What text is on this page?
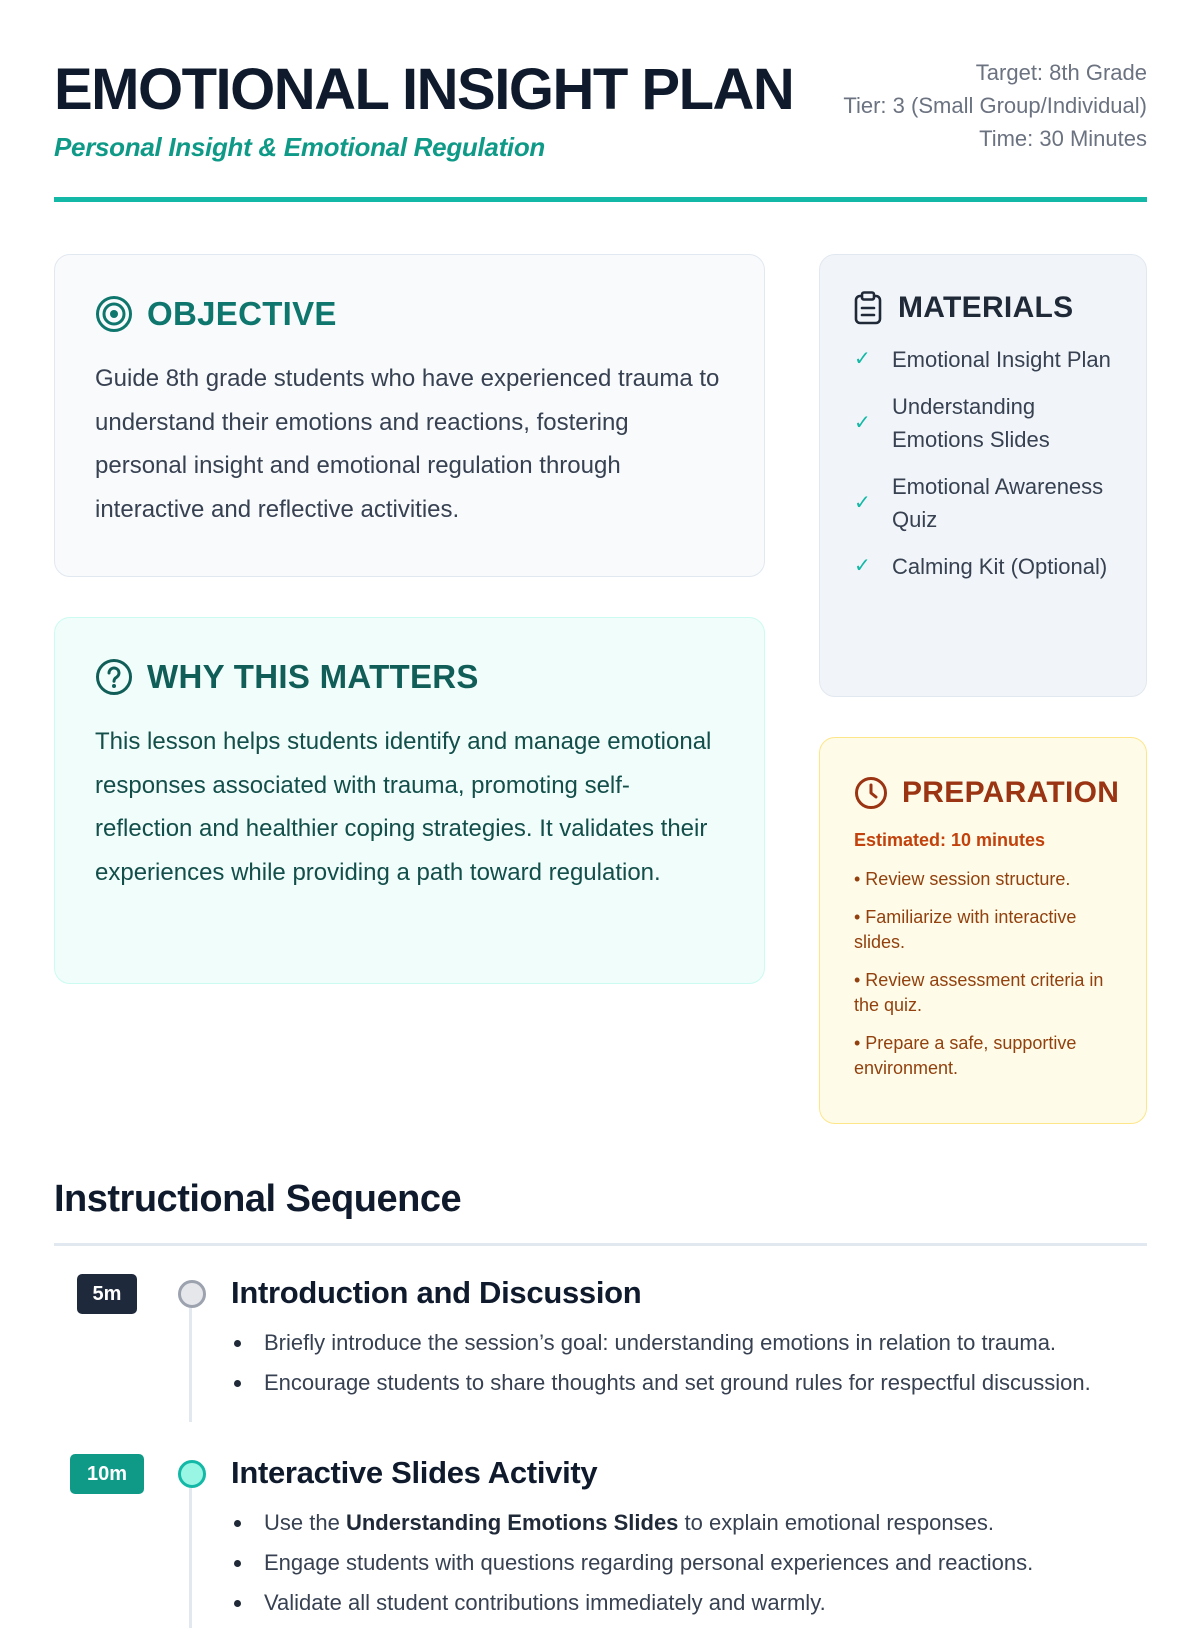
EMOTIONAL INSIGHT PLAN
Personal Insight & Emotional Regulation
Target: 8th Grade
Tier: 3 (Small Group/Individual)
Time: 30 Minutes
OBJECTIVE

Guide 8th grade students who have experienced trauma to understand their emotions and reactions, fostering personal insight and emotional regulation through interactive and reflective activities.

WHY THIS MATTERS

This lesson helps students identify and manage emotional responses associated with trauma, promoting self-reflection and healthier coping strategies. It validates their experiences while providing a path toward regulation.

MATERIALS
✓ Emotional Insight Plan
✓
Understanding Emotions Slides
✓
Emotional Awareness Quiz
✓ Calming Kit (Optional)
PREPARATION
Estimated: 10 minutes
• Review session structure.
• Familiarize with interactive slides.
• Review assessment criteria in the quiz.
• Prepare a safe, supportive environment.
Instructional Sequence
5m	Introduction and Discussion
Briefly introduce the session’s goal: understanding emotions in relation to trauma.
Encourage students to share thoughts and set ground rules for respectful discussion.
10m	Interactive Slides Activity
Use the Understanding Emotions Slides to explain emotional responses.
Engage students with questions regarding personal experiences and reactions.
Validate all student contributions immediately and warmly.
